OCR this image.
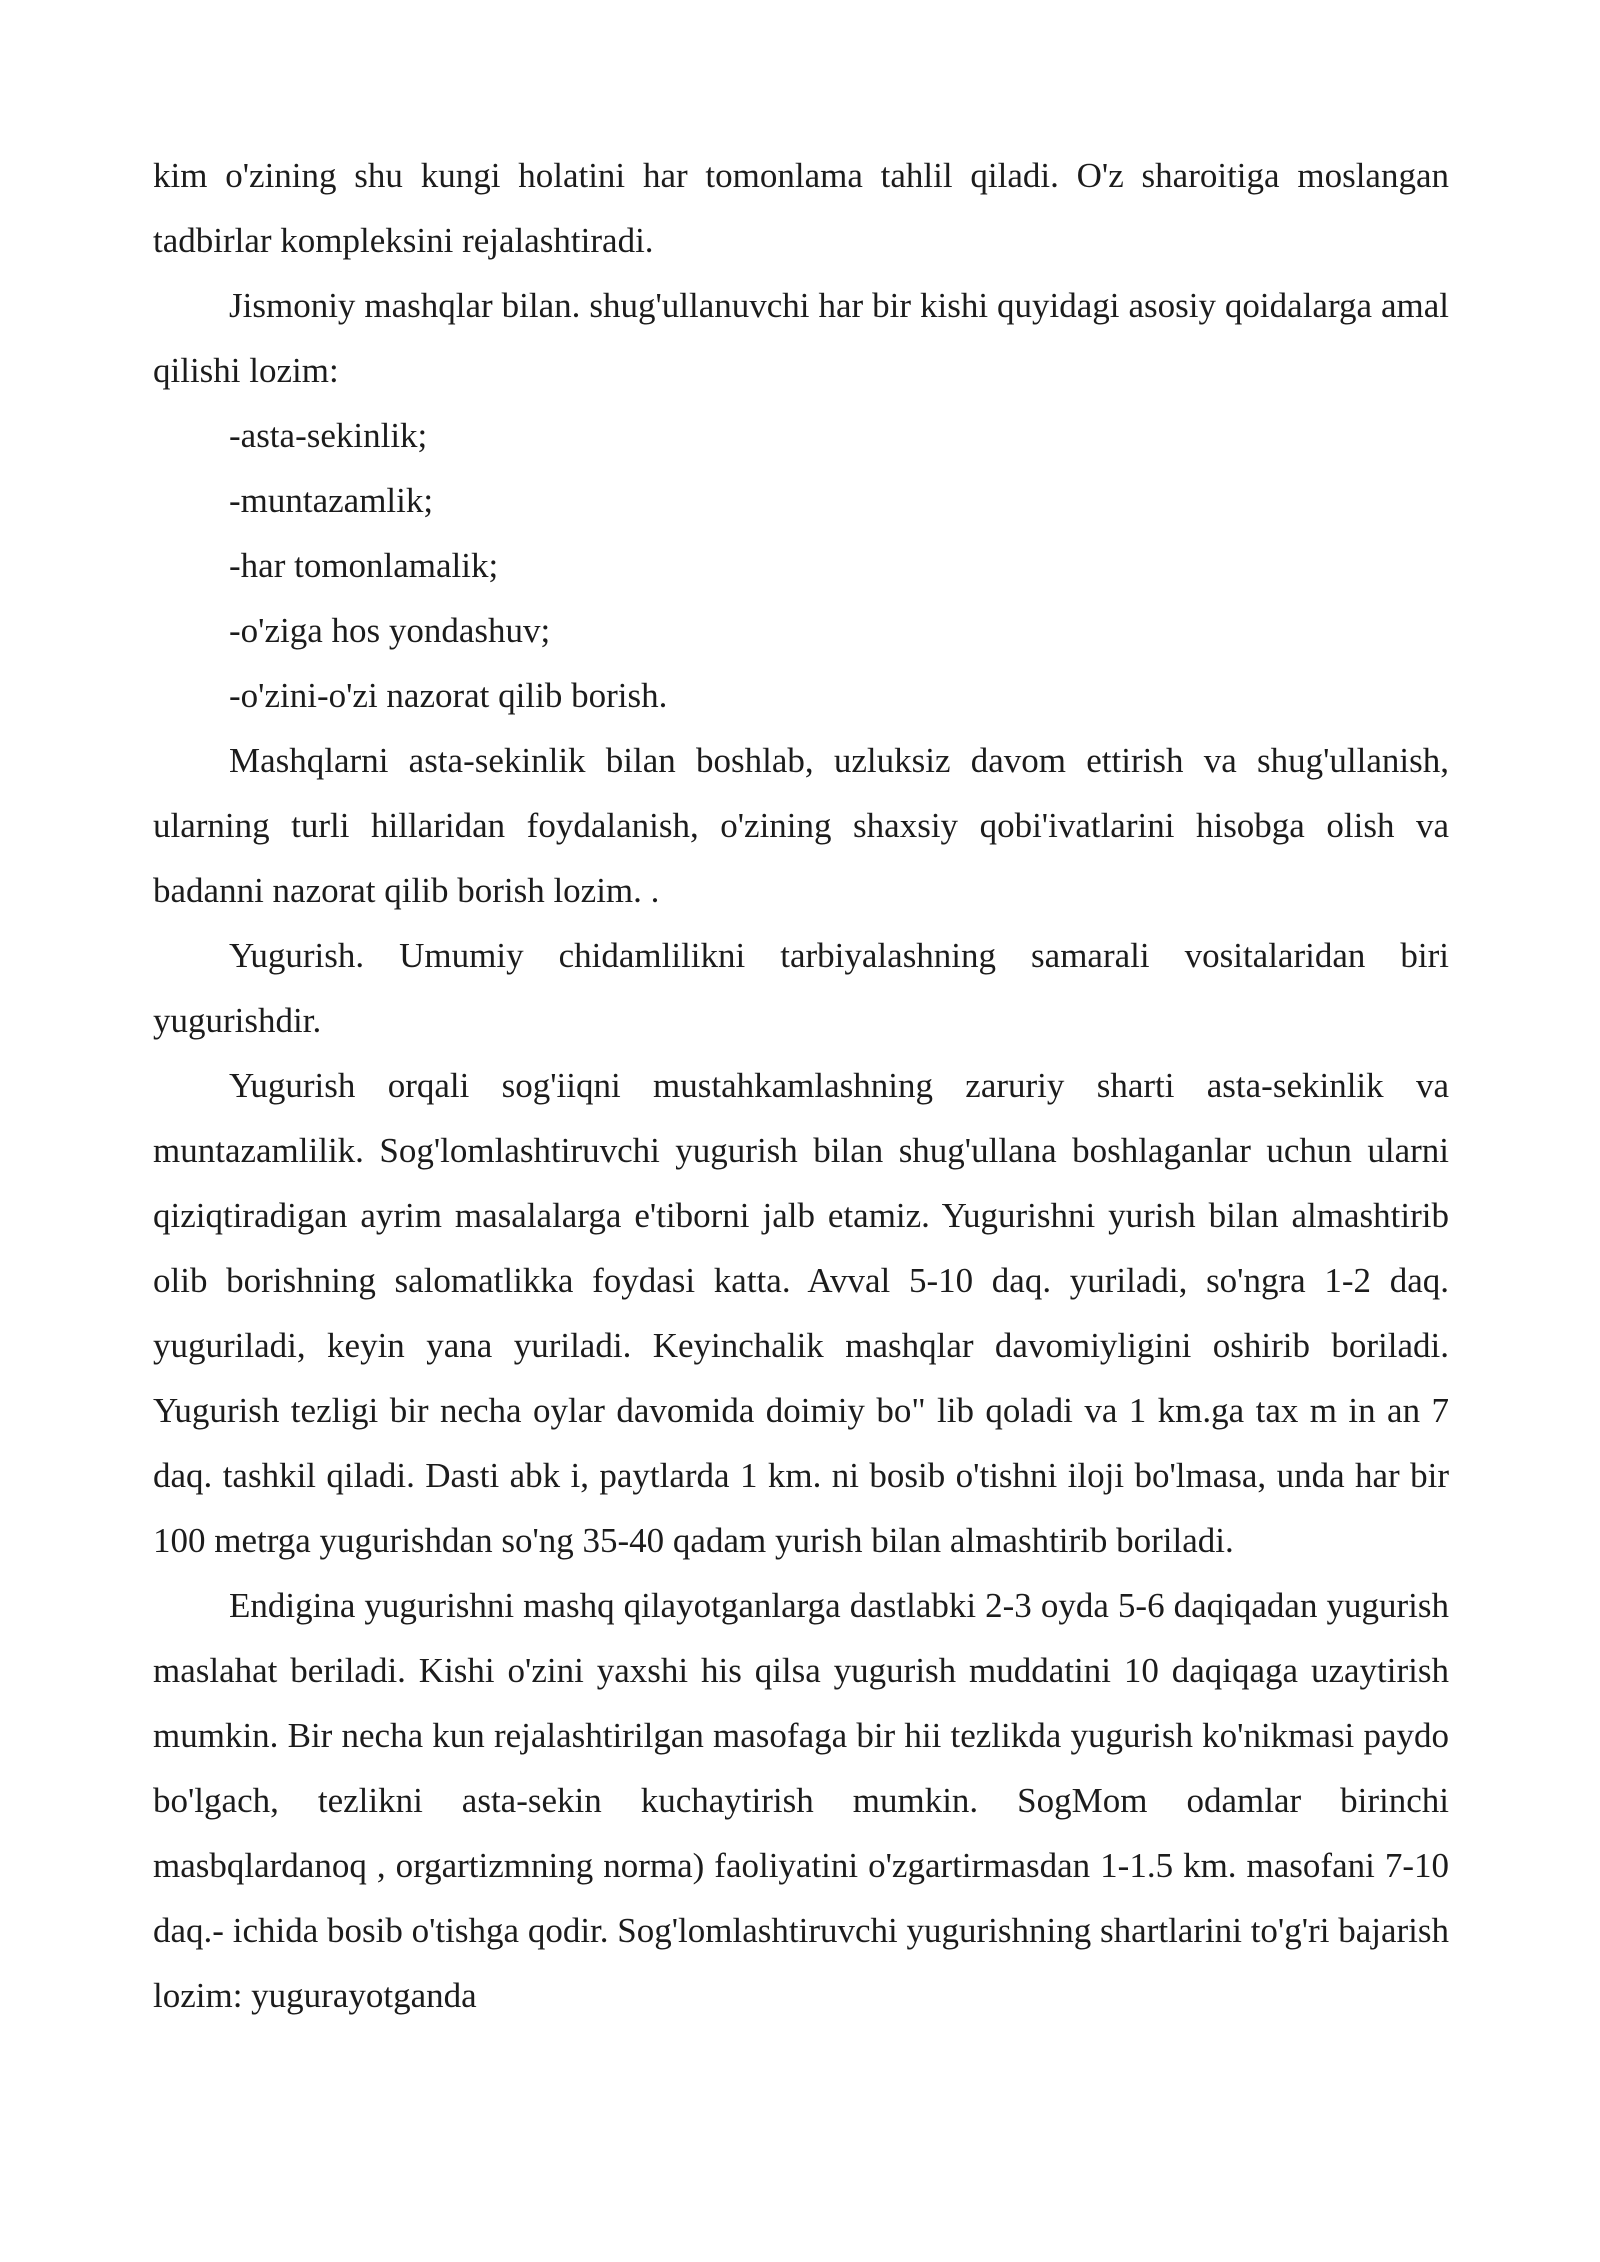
kim o'zining shu kungi holatini har tomonlama tahlil qiladi. O'z sharoitiga moslangan tadbirlar kompleksini rejalashtiradi.

Jismoniy mashqlar bilan. shug'ullanuvchi har bir kishi quyidagi asosiy qoidalarga amal qilishi lozim:

-asta-sekinlik;

-muntazamlik;

-har tomonlamalik;

-o'ziga hos yondashuv;

-o'zini-o'zi nazorat qilib borish.

Mashqlarni asta-sekinlik bilan boshlab, uzluksiz davom ettirish va shug'ullanish, ularning turli hillaridan foydalanish, o'zining shaxsiy qobi'ivatlarini hisobga olish va badanni nazorat qilib borish lozim. .

Yugurish. Umumiy chidamlilikni tarbiyalashning samarali vositalaridan biri yugurishdir.

Yugurish orqali sog'iiqni mustahkamlashning zaruriy sharti asta-sekinlik va muntazamlilik. Sog'lomlashtiruvchi yugurish bilan shug'ullana boshlaganlar uchun ularni qiziqtiradigan ayrim masalalarga e'tiborni jalb etamiz. Yugurishni yurish bilan almashtirib olib borishning salomatlikka foydasi katta. Avval 5-10 daq. yuriladi, so'ngra 1-2 daq. yuguriladi, keyin yana yuriladi. Keyinchalik mashqlar davomiyligini oshirib boriladi. Yugurish tezligi bir necha oylar davomida doimiy bo" lib qoladi va 1 km.ga tax m in an 7 daq. tashkil qiladi. Dasti abk i, paytlarda 1 km. ni bosib o'tishni iloji bo'lmasa, unda har bir 100 metrga yugurishdan so'ng 35-40 qadam yurish bilan almashtirib boriladi.

Endigina yugurishni mashq qilayotganlarga dastlabki 2-3 oyda 5-6 daqiqadan yugurish maslahat beriladi. Kishi o'zini yaxshi his qilsa yugurish muddatini 10 daqiqaga uzaytirish mumkin. Bir necha kun rejalashtirilgan masofaga bir hii tezlikda yugurish ko'nikmasi paydo bo'lgach, tezlikni asta-sekin kuchaytirish mumkin. SogMom odamlar birinchi masbqlardanoq , orgartizmning norma) faoliyatini o'zgartirmasdan 1-1.5 km. masofani 7-10 daq.- ichida bosib o'tishga qodir. Sog'lomlashtiruvchi yugurishning shartlarini to'g'ri bajarish lozim: yugurayotganda
